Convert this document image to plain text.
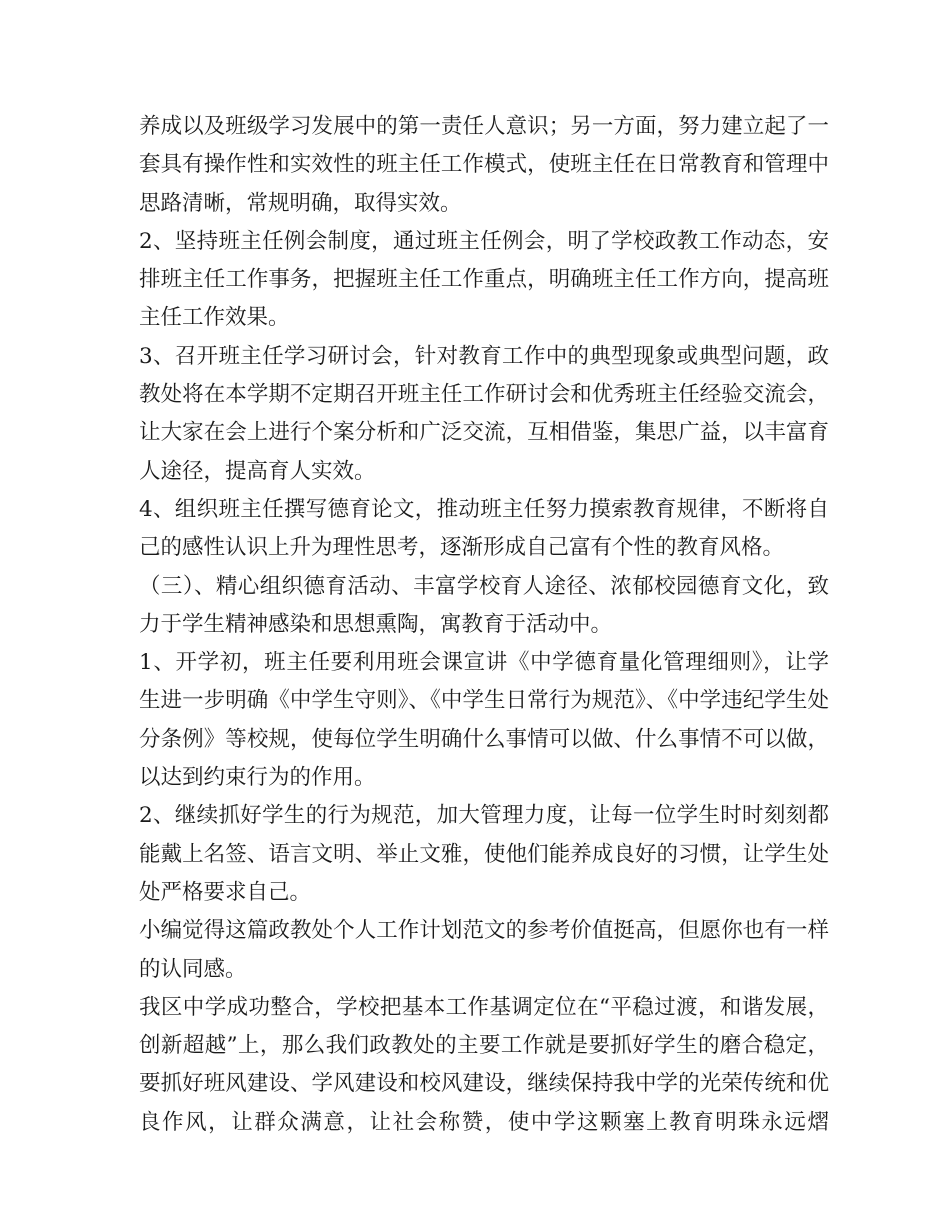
养成以及班级学习发展中的第一责任人意识；另一方面，努力建立起了一套具有操作性和实效性的班主任工作模式，使班主任在日常教育和管理中思路清晰，常规明确，取得实效。

2、坚持班主任例会制度，通过班主任例会，明了学校政教工作动态，安排班主任工作事务，把握班主任工作重点，明确班主任工作方向，提高班主任工作效果。

3、召开班主任学习研讨会，针对教育工作中的典型现象或典型问题，政教处将在本学期不定期召开班主任工作研讨会和优秀班主任经验交流会，让大家在会上进行个案分析和广泛交流，互相借鉴，集思广益，以丰富育人途径，提高育人实效。

4、组织班主任撰写德育论文，推动班主任努力摸索教育规律，不断将自己的感性认识上升为理性思考，逐渐形成自己富有个性的教育风格。

（三）、精心组织德育活动、丰富学校育人途径、浓郁校园德育文化，致力于学生精神感染和思想熏陶，寓教育于活动中。

1、开学初，班主任要利用班会课宣讲《中学德育量化管理细则》，让学生进一步明确《中学生守则》、《中学生日常行为规范》、《中学违纪学生处分条例》等校规，使每位学生明确什么事情可以做、什么事情不可以做，以达到约束行为的作用。

2、继续抓好学生的行为规范，加大管理力度，让每一位学生时时刻刻都能戴上名签、语言文明、举止文雅，使他们能养成良好的习惯，让学生处处严格要求自己。

小编觉得这篇政教处个人工作计划范文的参考价值挺高，但愿你也有一样的认同感。

我区中学成功整合，学校把基本工作基调定位在“平稳过渡，和谐发展，创新超越”上，那么我们政教处的主要工作就是要抓好学生的磨合稳定，要抓好班风建设、学风建设和校风建设，继续保持我中学的光荣传统和优良作风，让群众满意，让社会称赞，使中学这颗塞上教育明珠永远熠
